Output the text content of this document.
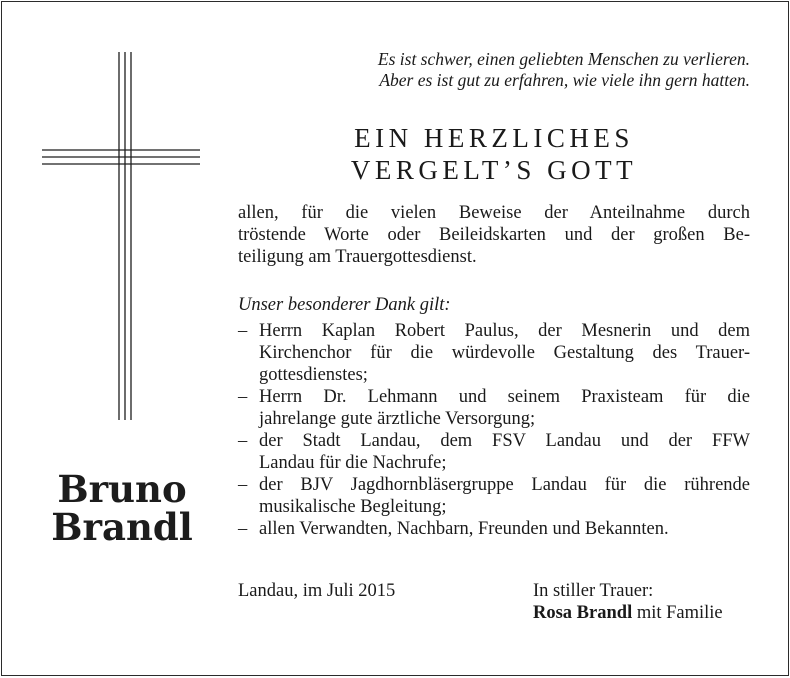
Bruno
Brandl
Es ist schwer, einen geliebten Menschen zu verlieren.
Aber es ist gut zu erfahren, wie viele ihn gern hatten.
EIN HERZLICHES
VERGELT’S GOTT
allen, für die vielen Beweise der Anteilnahme durch
tröstende Worte oder Beileidskarten und der großen Be-
teiligung am Trauergottesdienst.
Unser besonderer Dank gilt:
– Herrn Kaplan Robert Paulus, der Mesnerin und dem
Kirchenchor für die würdevolle Gestaltung des Trauer-
gottesdienstes;
– Herrn Dr. Lehmann und seinem Praxisteam für die
jahrelange gute ärztliche Versorgung;
– der Stadt Landau, dem FSV Landau und der FFW
Landau für die Nachrufe;
– der BJV Jagdhornbläsergruppe Landau für die rührende
musikalische Begleitung;
– allen Verwandten, Nachbarn, Freunden und Bekannten.
Landau, im Juli 2015	In stiller Trauer:
Rosa Brandl mit Familie
